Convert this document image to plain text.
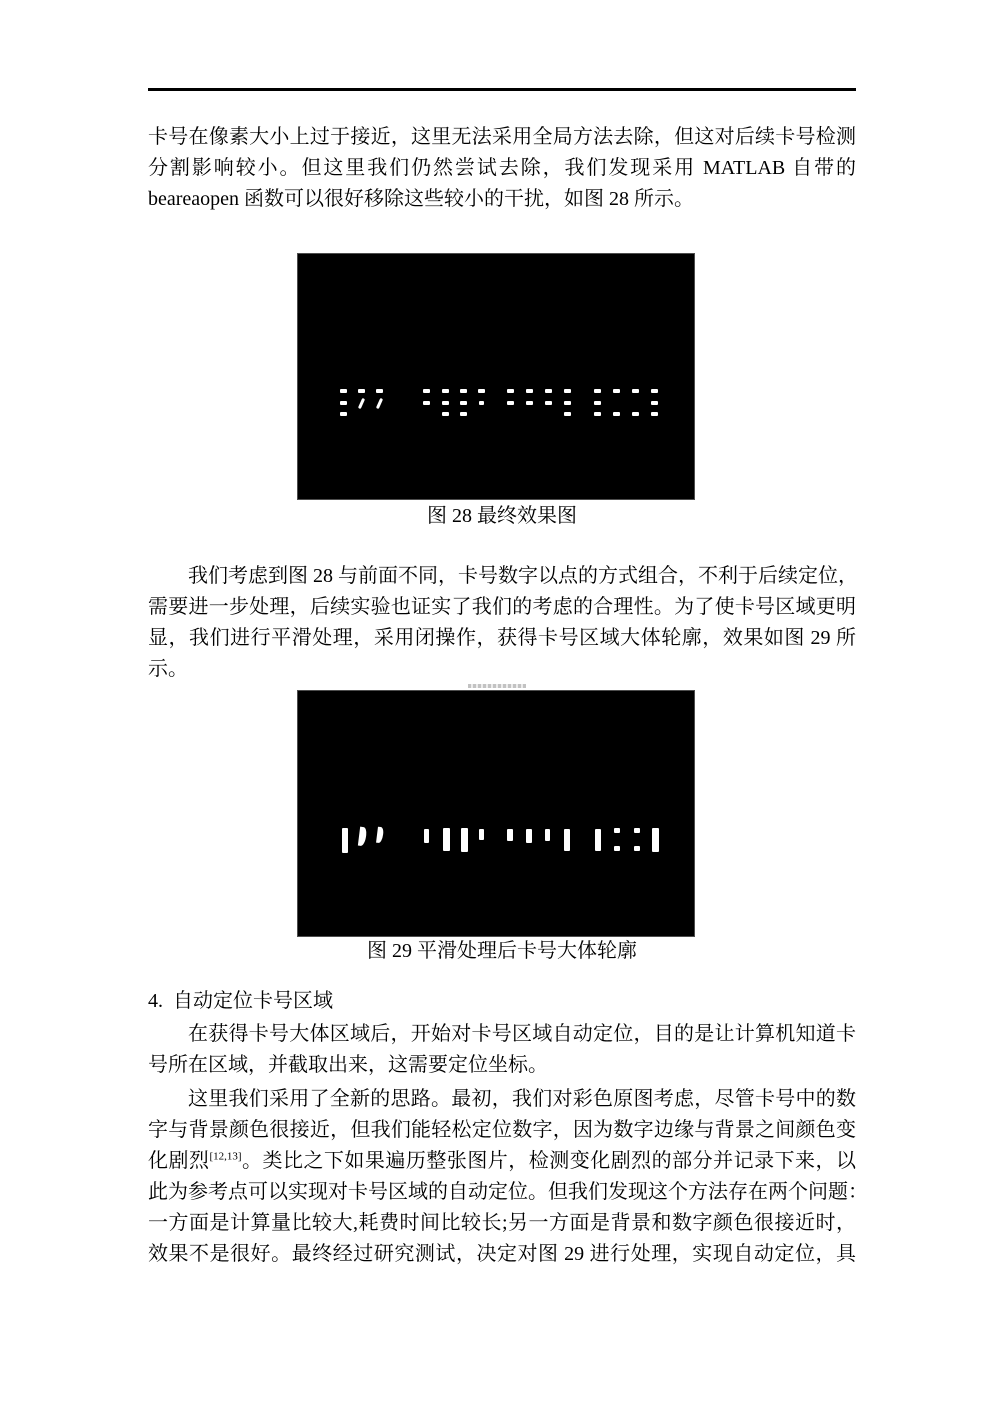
卡号在像素大小上过于接近，这里无法采用全局方法去除，但这对后续卡号检测
分割影响较小。但这里我们仍然尝试去除，我们发现采用 MATLAB 自带的
beareaopen 函数可以很好移除这些较小的干扰，如图 28 所示。
图 28 最终效果图
我们考虑到图 28 与前面不同，卡号数字以点的方式组合，不利于后续定位，
需要进一步处理，后续实验也证实了我们的考虑的合理性。为了使卡号区域更明
显，我们进行平滑处理，采用闭操作，获得卡号区域大体轮廓，效果如图 29 所
示。
图 29 平滑处理后卡号大体轮廓
4.  自动定位卡号区域
在获得卡号大体区域后，开始对卡号区域自动定位，目的是让计算机知道卡
号所在区域，并截取出来，这需要定位坐标。
这里我们采用了全新的思路。最初，我们对彩色原图考虑，尽管卡号中的数
字与背景颜色很接近，但我们能轻松定位数字，因为数字边缘与背景之间颜色变
化剧烈[12,13]。类比之下如果遍历整张图片，检测变化剧烈的部分并记录下来，以
此为参考点可以实现对卡号区域的自动定位。但我们发现这个方法存在两个问题：
一方面是计算量比较大,耗费时间比较长;另一方面是背景和数字颜色很接近时，
效果不是很好。最终经过研究测试，决定对图 29 进行处理，实现自动定位，具
